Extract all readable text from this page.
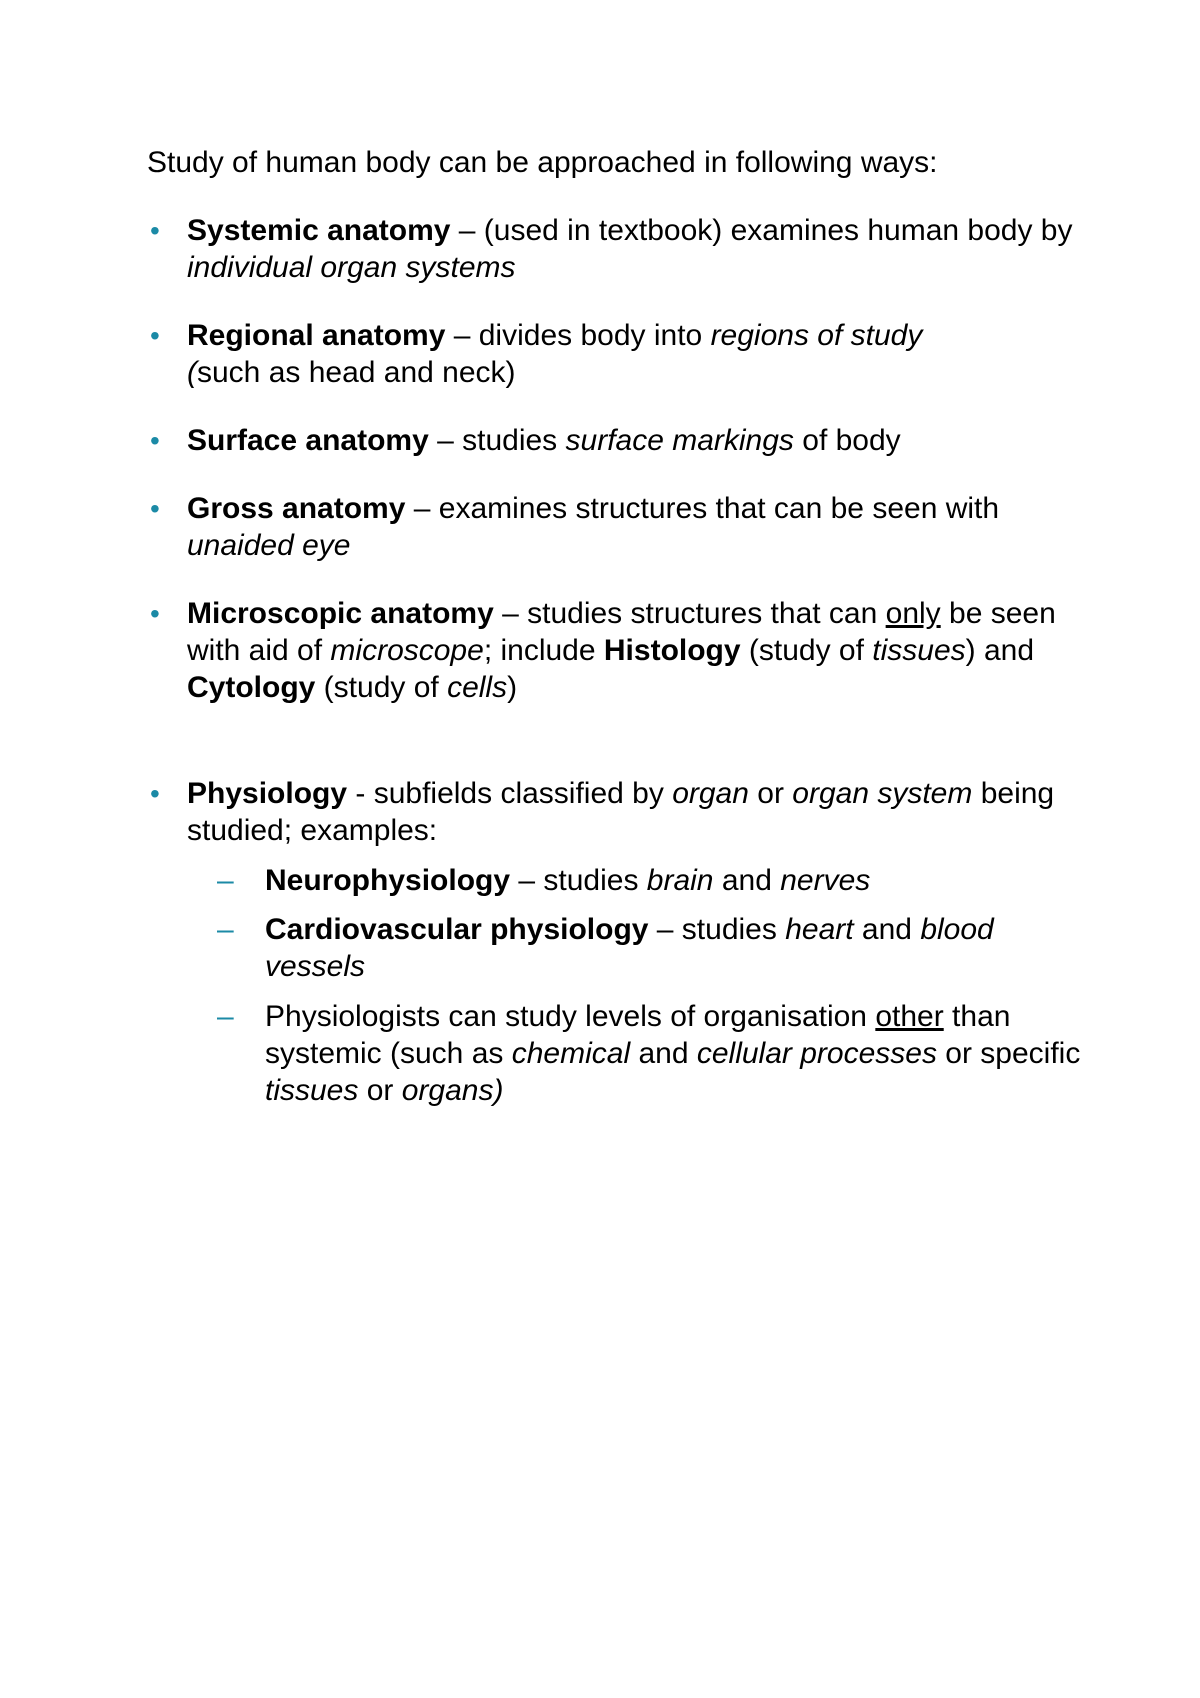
Study of human body can be approached in following ways:

• Systemic anatomy – (used in textbook) examines human body by individual organ systems
• Regional anatomy – divides body into regions of study
(such as head and neck)
• Surface anatomy – studies surface markings of body
• Gross anatomy – examines structures that can be seen with unaided eye
• Microscopic anatomy – studies structures that can only be seen with aid of microscope; include Histology (study of tissues) and Cytology (study of cells)
• Physiology - subfields classified by organ or organ system being studied; examples:
– Neurophysiology – studies brain and nerves
– Cardiovascular physiology – studies heart and blood vessels
– Physiologists can study levels of organisation other than systemic (such as chemical and cellular processes or specific tissues or organs)
